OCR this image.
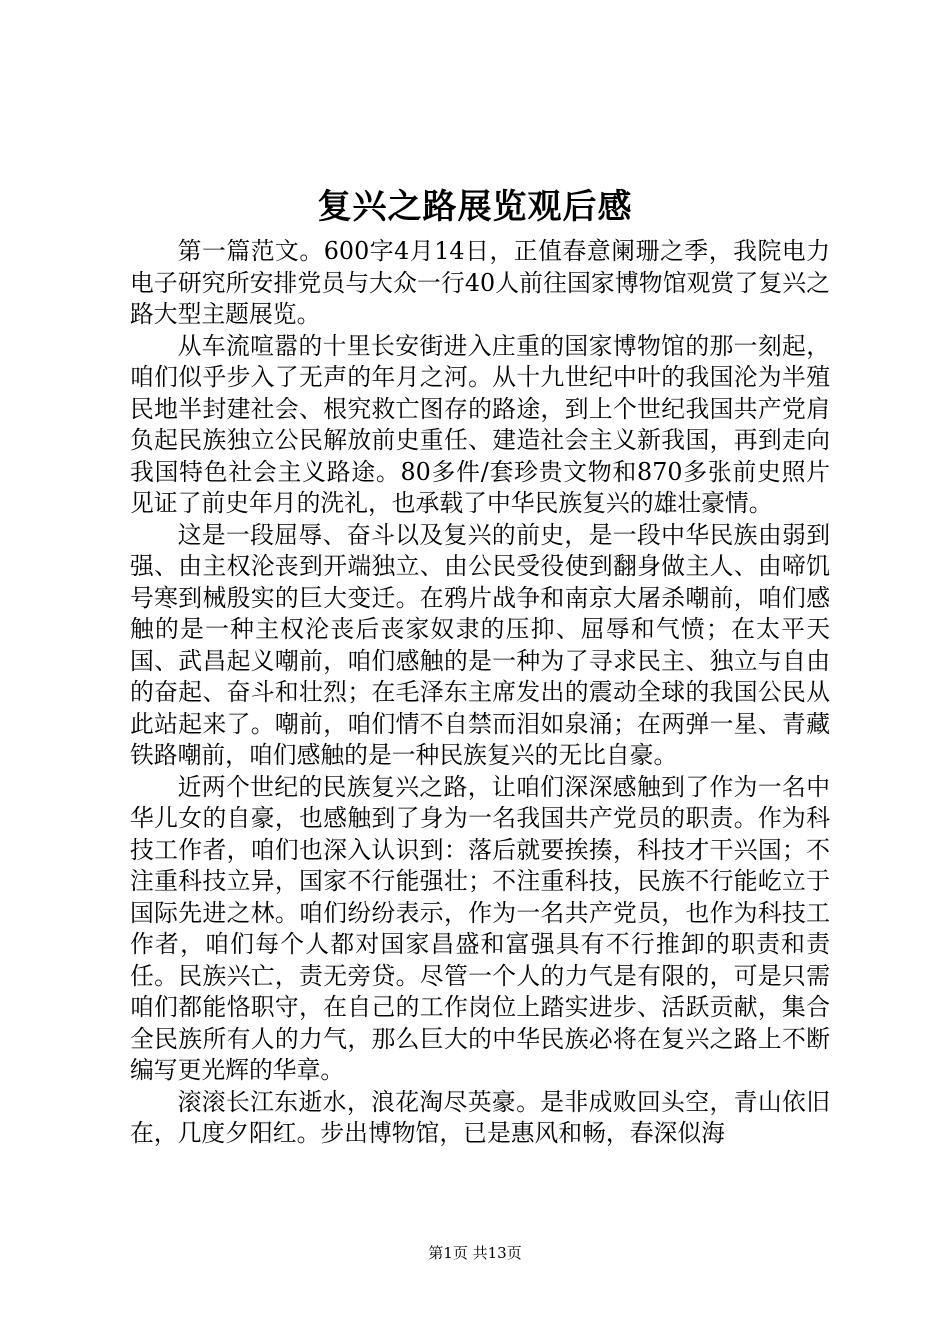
复兴之路展览观后感

第一篇范文。600字4月14日，正值春意阑珊之季，我院电力电子研究所安排党员与大众一行40人前往国家博物馆观赏了复兴之路大型主题展览。

从车流喧嚣的十里长安街进入庄重的国家博物馆的那一刻起，咱们似乎步入了无声的年月之河。从十九世纪中叶的我国沦为半殖民地半封建社会、根究救亡图存的路途，到上个世纪我国共产党肩负起民族独立公民解放前史重任、建造社会主义新我国，再到走向我国特色社会主义路途。80多件/套珍贵文物和870多张前史照片见证了前史年月的洗礼，也承载了中华民族复兴的雄壮豪情。

这是一段屈辱、奋斗以及复兴的前史，是一段中华民族由弱到强、由主权沦丧到开端独立、由公民受役使到翻身做主人、由啼饥号寒到械殷实的巨大变迁。在鸦片战争和南京大屠杀嘲前，咱们感触的是一种主权沦丧后丧家奴隶的压抑、屈辱和气愤；在太平天国、武昌起义嘲前，咱们感触的是一种为了寻求民主、独立与自由的奋起、奋斗和壮烈；在毛泽东主席发出的震动全球的我国公民从此站起来了。嘲前，咱们情不自禁而泪如泉涌；在两弹一星、青藏铁路嘲前，咱们感触的是一种民族复兴的无比自豪。

近两个世纪的民族复兴之路，让咱们深深感触到了作为一名中华儿女的自豪，也感触到了身为一名我国共产党员的职责。作为科技工作者，咱们也深入认识到：落后就要挨揍，科技才干兴国；不注重科技立异，国家不行能强壮；不注重科技，民族不行能屹立于国际先进之林。咱们纷纷表示，作为一名共产党员，也作为科技工作者，咱们每个人都对国家昌盛和富强具有不行推卸的职责和责任。民族兴亡，责无旁贷。尽管一个人的力气是有限的，可是只需咱们都能恪职守，在自己的工作岗位上踏实进步、活跃贡献，集合全民族所有人的力气，那么巨大的中华民族必将在复兴之路上不断编写更光辉的华章。

滚滚长江东逝水，浪花淘尽英豪。是非成败回头空，青山依旧在，几度夕阳红。步出博物馆，已是惠风和畅，春深似海

第1页 共13页
